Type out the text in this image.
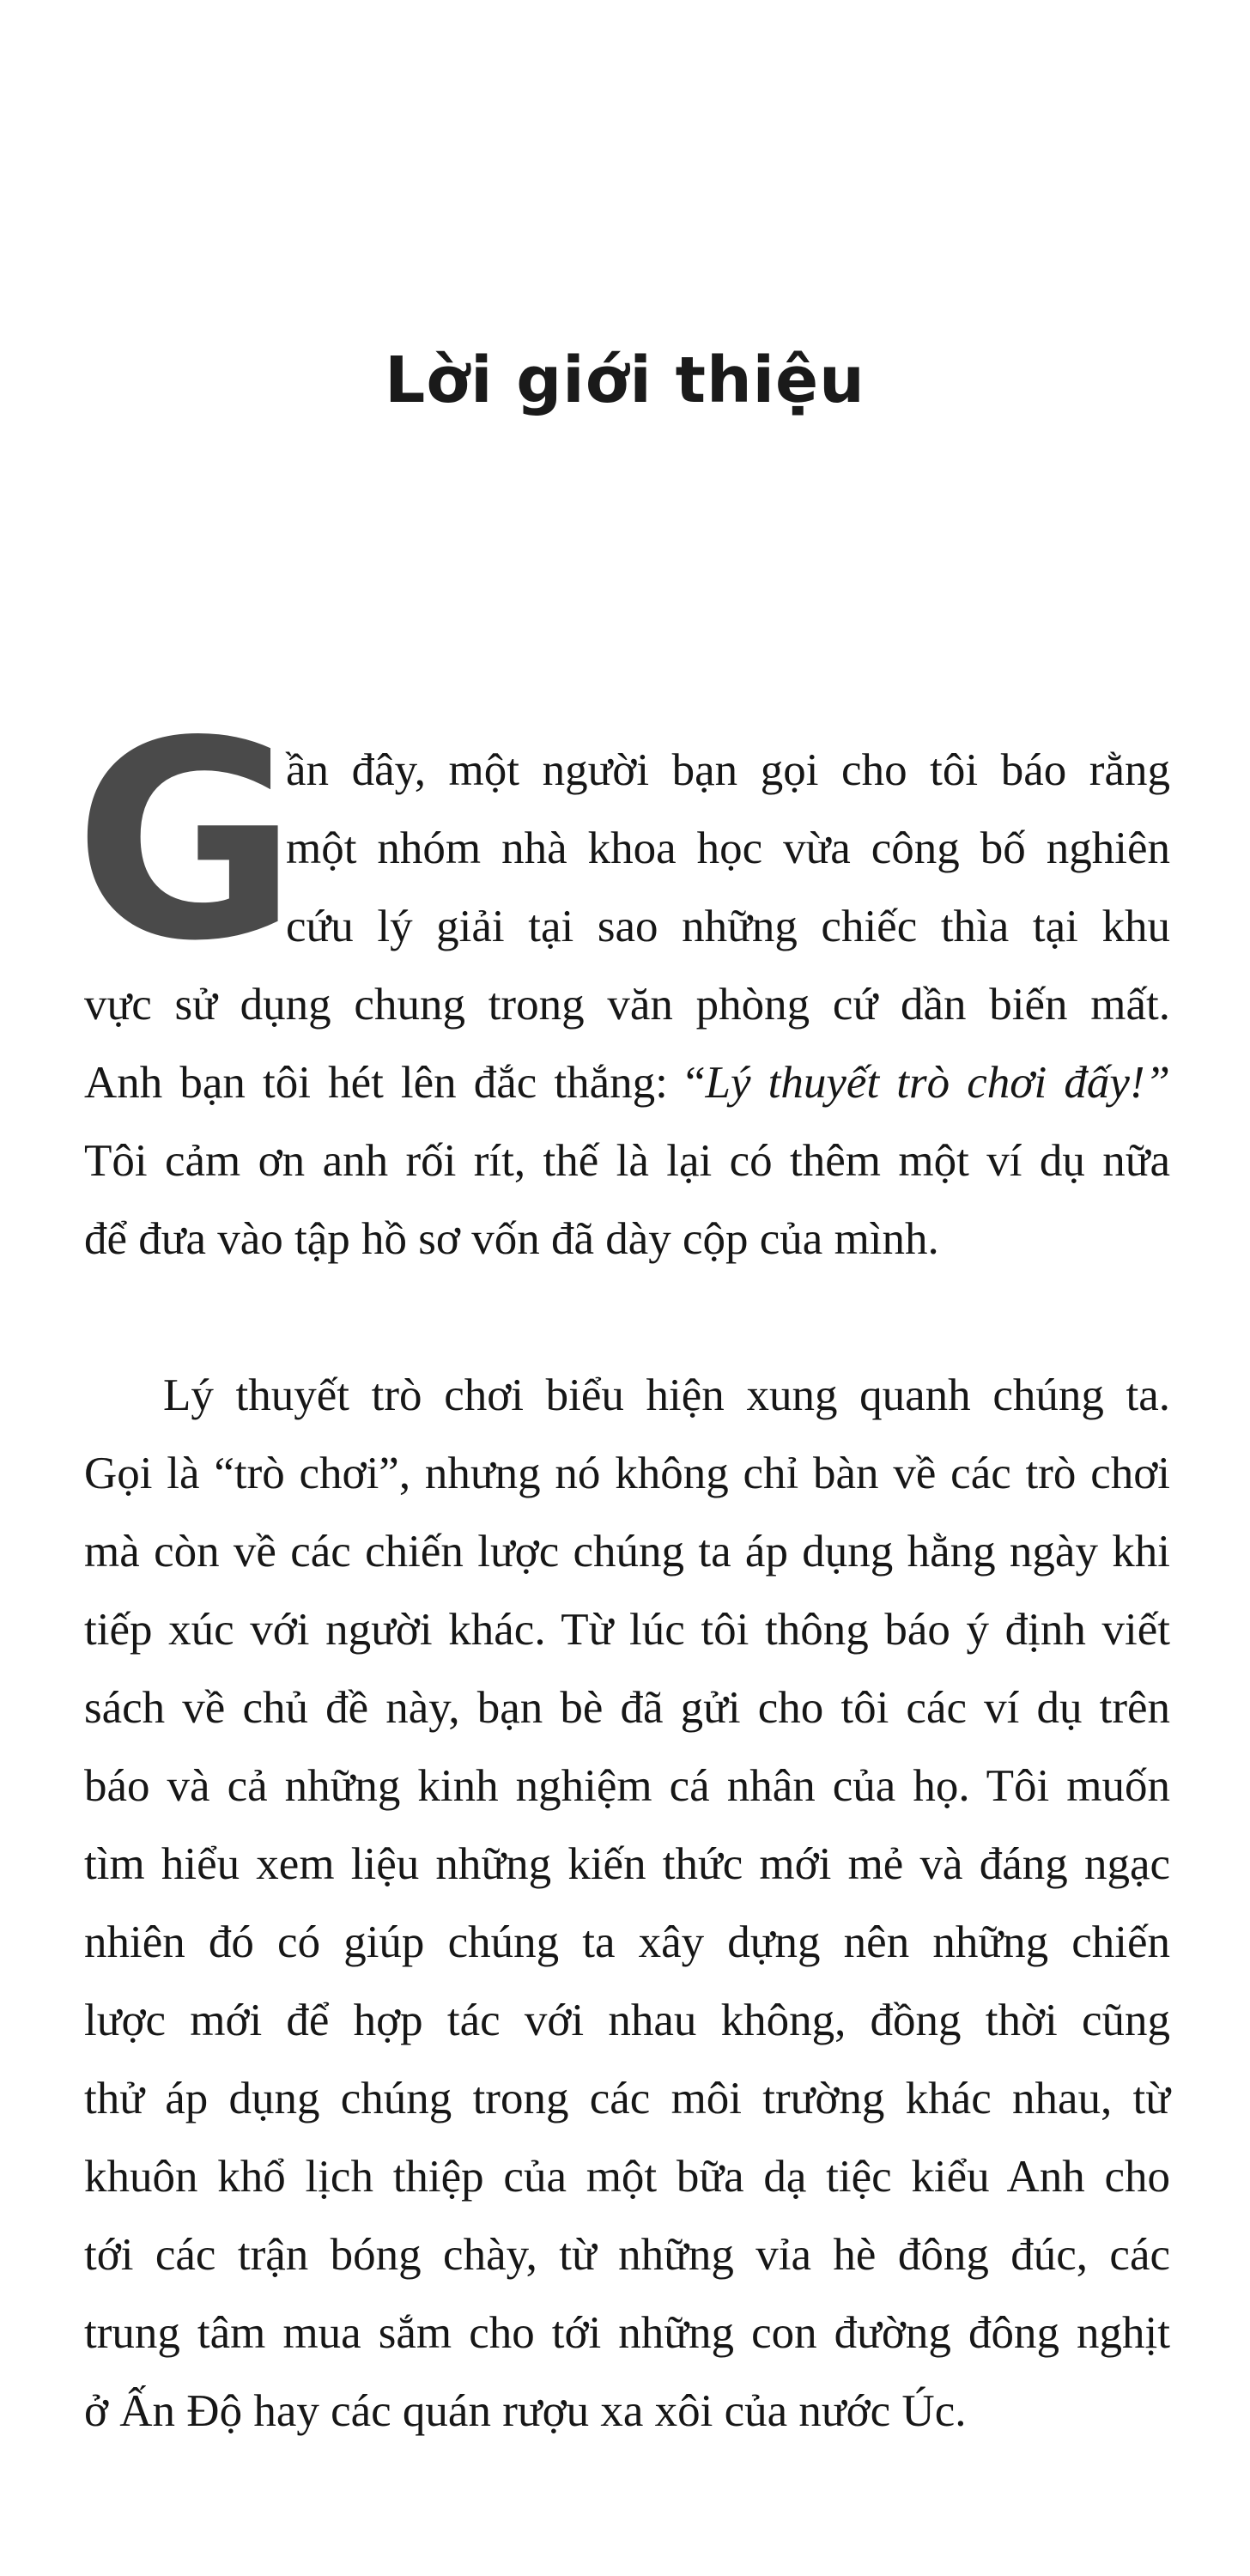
Lời giới thiệu
G
ần đây, một người bạn gọi cho tôi báo rằng
một nhóm nhà khoa học vừa công bố nghiên
cứu lý giải tại sao những chiếc thìa tại khu
vực sử dụng chung trong văn phòng cứ dần biến mất.
Anh bạn tôi hét lên đắc thắng: “Lý thuyết trò chơi đấy!”
Tôi cảm ơn anh rối rít, thế là lại có thêm một ví dụ nữa
để đưa vào tập hồ sơ vốn đã dày cộp của mình.
Lý thuyết trò chơi biểu hiện xung quanh chúng ta.
Gọi là “trò chơi”, nhưng nó không chỉ bàn về các trò chơi
mà còn về các chiến lược chúng ta áp dụng hằng ngày khi
tiếp xúc với người khác. Từ lúc tôi thông báo ý định viết
sách về chủ đề này, bạn bè đã gửi cho tôi các ví dụ trên
báo và cả những kinh nghiệm cá nhân của họ. Tôi muốn
tìm hiểu xem liệu những kiến thức mới mẻ và đáng ngạc
nhiên đó có giúp chúng ta xây dựng nên những chiến
lược mới để hợp tác với nhau không, đồng thời cũng
thử áp dụng chúng trong các môi trường khác nhau, từ
khuôn khổ lịch thiệp của một bữa dạ tiệc kiểu Anh cho
tới các trận bóng chày, từ những vỉa hè đông đúc, các
trung tâm mua sắm cho tới những con đường đông nghịt
ở Ấn Độ hay các quán rượu xa xôi của nước Úc.
